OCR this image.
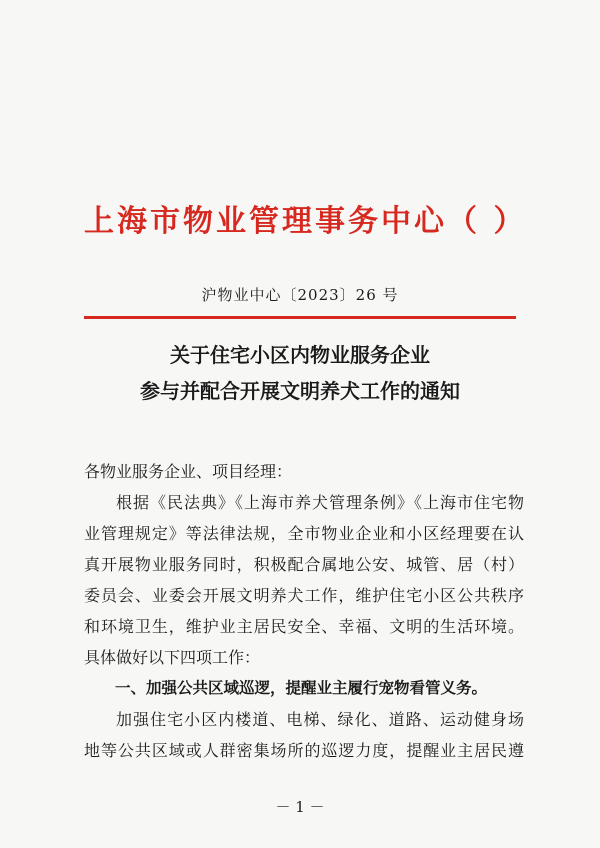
上海市物业管理事务中心（ ）
沪物业中心〔2023〕26 号
关于住宅小区内物业服务企业
参与并配合开展文明养犬工作的通知

各物业服务企业、项目经理：

根据《民法典》《上海市养犬管理条例》《上海市住宅物

业管理规定》等法律法规，全市物业企业和小区经理要在认

真开展物业服务同时，积极配合属地公安、城管、居（村）

委员会、业委会开展文明养犬工作，维护住宅小区公共秩序

和环境卫生，维护业主居民安全、幸福、文明的生活环境。

具体做好以下四项工作：

一、加强公共区域巡逻，提醒业主履行宠物看管义务。

加强住宅小区内楼道、电梯、绿化、道路、运动健身场

地等公共区域或人群密集场所的巡逻力度，提醒业主居民遵

－ 1 －
